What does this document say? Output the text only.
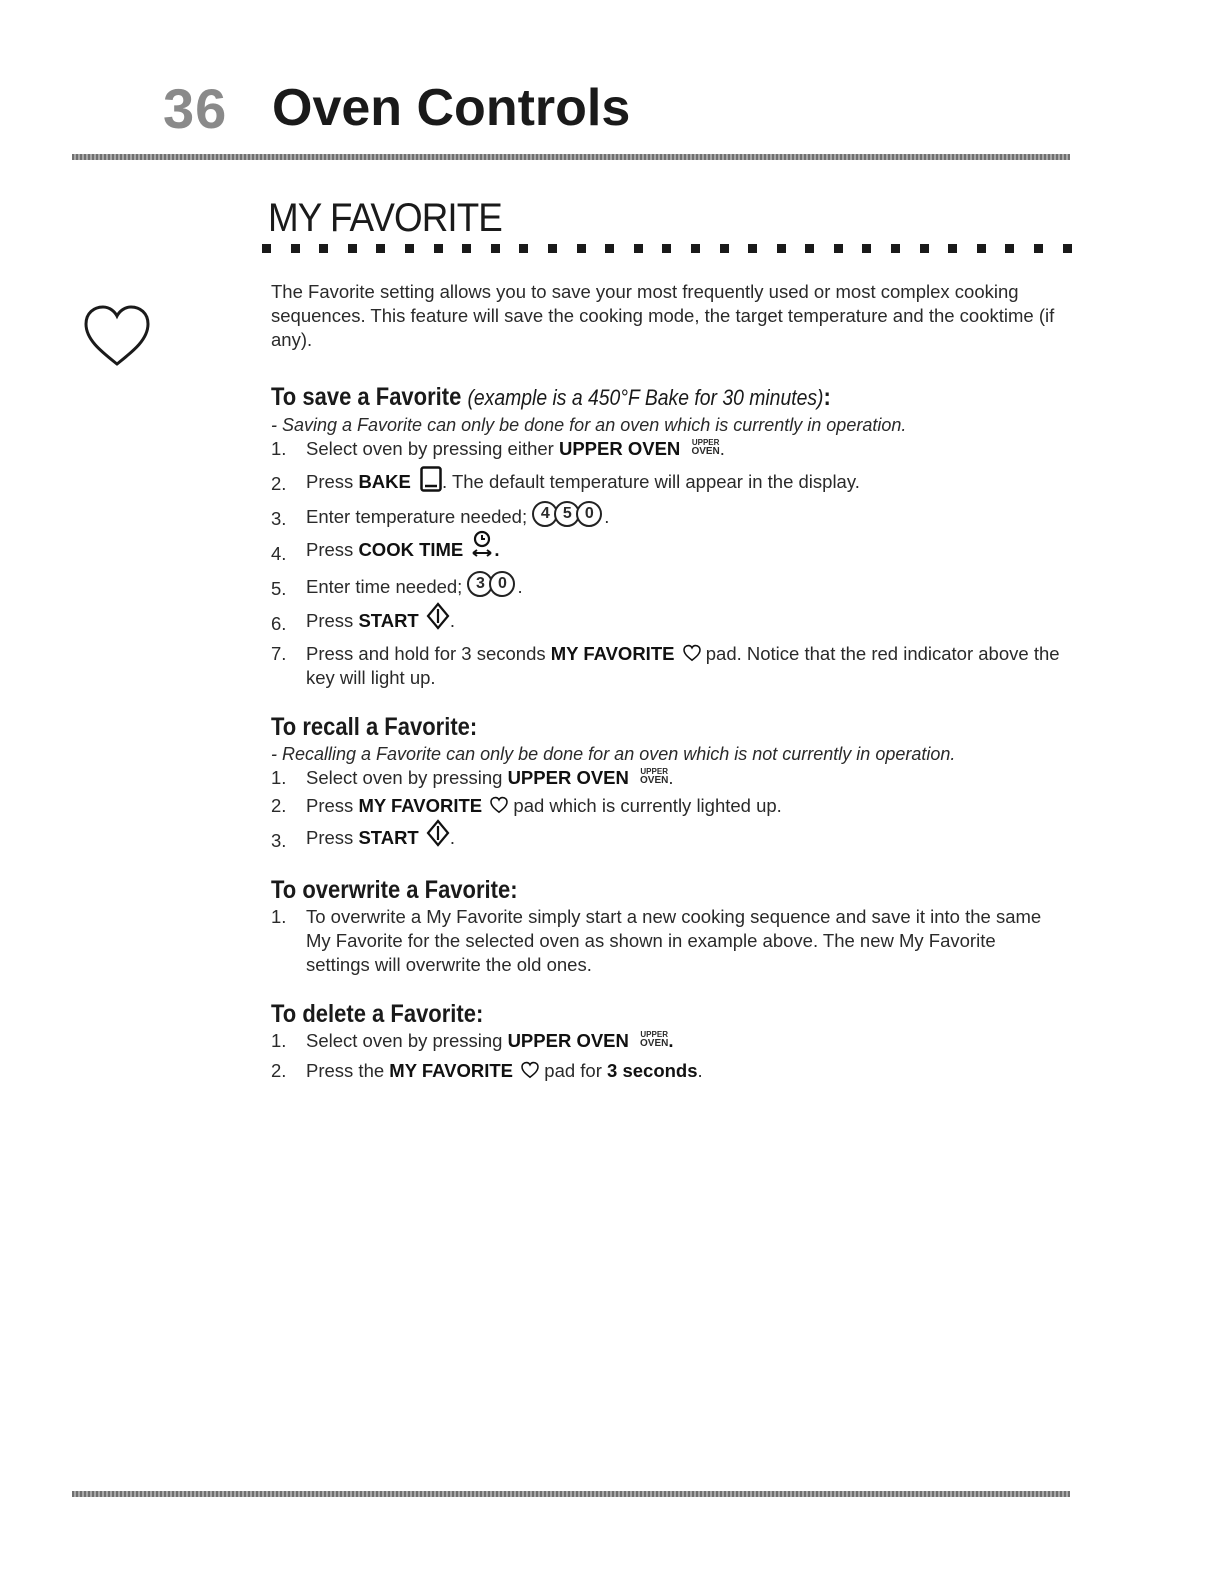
36 Oven Controls
MY FAVORITE

The Favorite setting allows you to save your most frequently used or most complex cooking sequences. This feature will save the cooking mode, the target temperature and the cooktime (if any).

To save a Favorite (example is a 450°F Bake for 30 minutes):

- Saving a Favorite can only be done for an oven which is currently in operation.

1. Select oven by pressing either UPPER OVEN UPPER
OVEN .
2. Press BAKE . The default temperature will appear in the display.
3. Enter temperature needed; 4 5 0 .
4. Press COOK TIME .
5. Enter time needed; 3 0 .
6. Press START .
7. Press and hold for 3 seconds MY FAVORITE  pad. Notice that the red indicator above the key will light up.
To recall a Favorite:

- Recalling a Favorite can only be done for an oven which is not currently in operation.

1. Select oven by pressing UPPER OVEN UPPER
OVEN .
2. Press MY FAVORITE  pad which is currently lighted up.
3. Press START .
To overwrite a Favorite:
1. To overwrite a My Favorite simply start a new cooking sequence and save it into the same My Favorite for the selected oven as shown in example above. The new My Favorite settings will overwrite the old ones.
To delete a Favorite:
1. Select oven by pressing UPPER OVEN UPPER
OVEN .
2. Press the MY FAVORITE  pad for 3 seconds.
